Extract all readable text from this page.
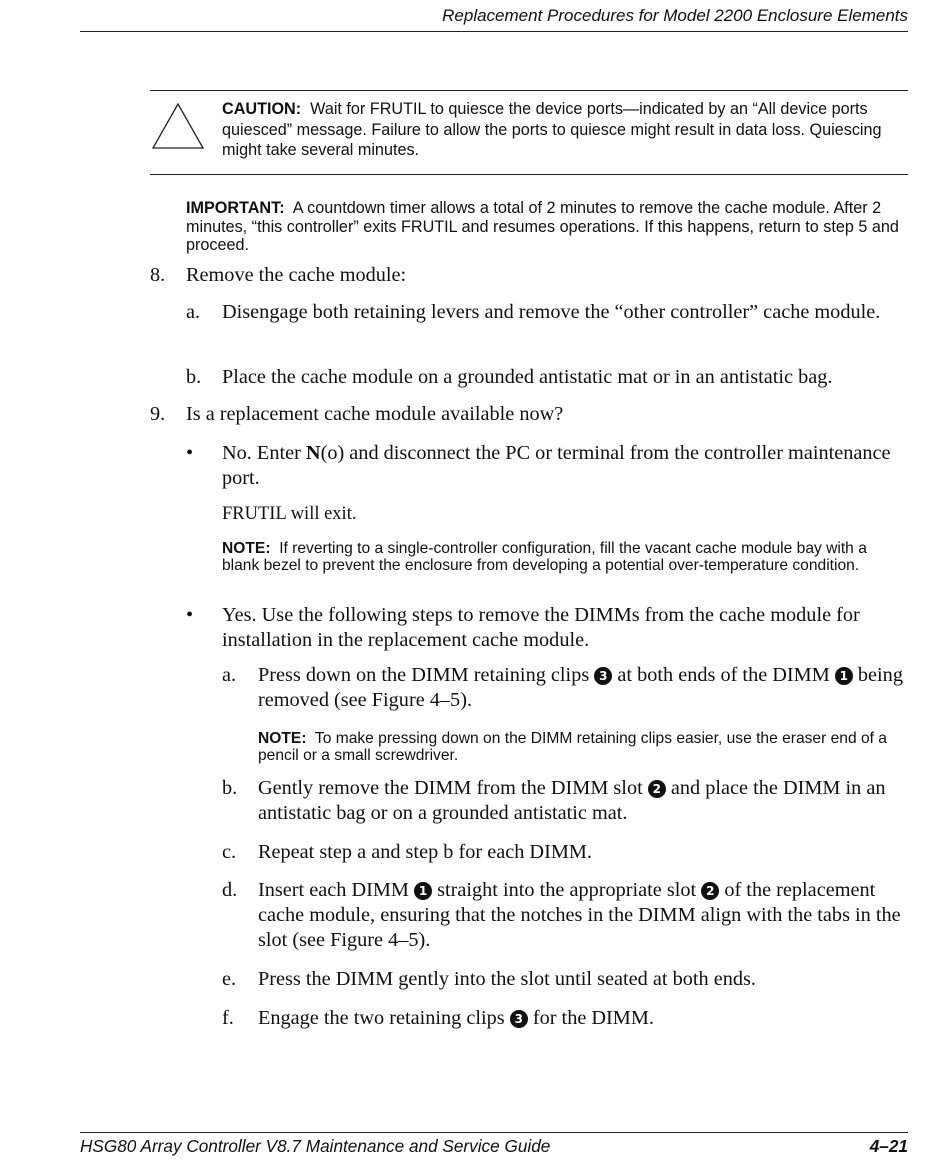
Replacement Procedures for Model 2200 Enclosure Elements
CAUTION: Wait for FRUTIL to quiesce the device ports—indicated by an “All device ports quiesced” message. Failure to allow the ports to quiesce might result in data loss. Quiescing might take several minutes.
IMPORTANT: A countdown timer allows a total of 2 minutes to remove the cache module. After 2 minutes, “this controller” exits FRUTIL and resumes operations. If this happens, return to step 5 and proceed.
8. Remove the cache module:
a. Disengage both retaining levers and remove the “other controller” cache module.
b. Place the cache module on a grounded antistatic mat or in an antistatic bag.
9. Is a replacement cache module available now?
• No. Enter N(o) and disconnect the PC or terminal from the controller maintenance port.
FRUTIL will exit.
NOTE: If reverting to a single-controller configuration, fill the vacant cache module bay with a blank bezel to prevent the enclosure from developing a potential over-temperature condition.
• Yes. Use the following steps to remove the DIMMs from the cache module for installation in the replacement cache module.
a. Press down on the DIMM retaining clips 3 at both ends of the DIMM 1 being removed (see Figure 4–5).
NOTE: To make pressing down on the DIMM retaining clips easier, use the eraser end of a pencil or a small screwdriver.
b. Gently remove the DIMM from the DIMM slot 2 and place the DIMM in an antistatic bag or on a grounded antistatic mat.
c. Repeat step a and step b for each DIMM.
d. Insert each DIMM 1 straight into the appropriate slot 2 of the replacement cache module, ensuring that the notches in the DIMM align with the tabs in the slot (see Figure 4–5).
e. Press the DIMM gently into the slot until seated at both ends.
f. Engage the two retaining clips 3 for the DIMM.
HSG80 Array Controller V8.7 Maintenance and Service Guide	4–21
